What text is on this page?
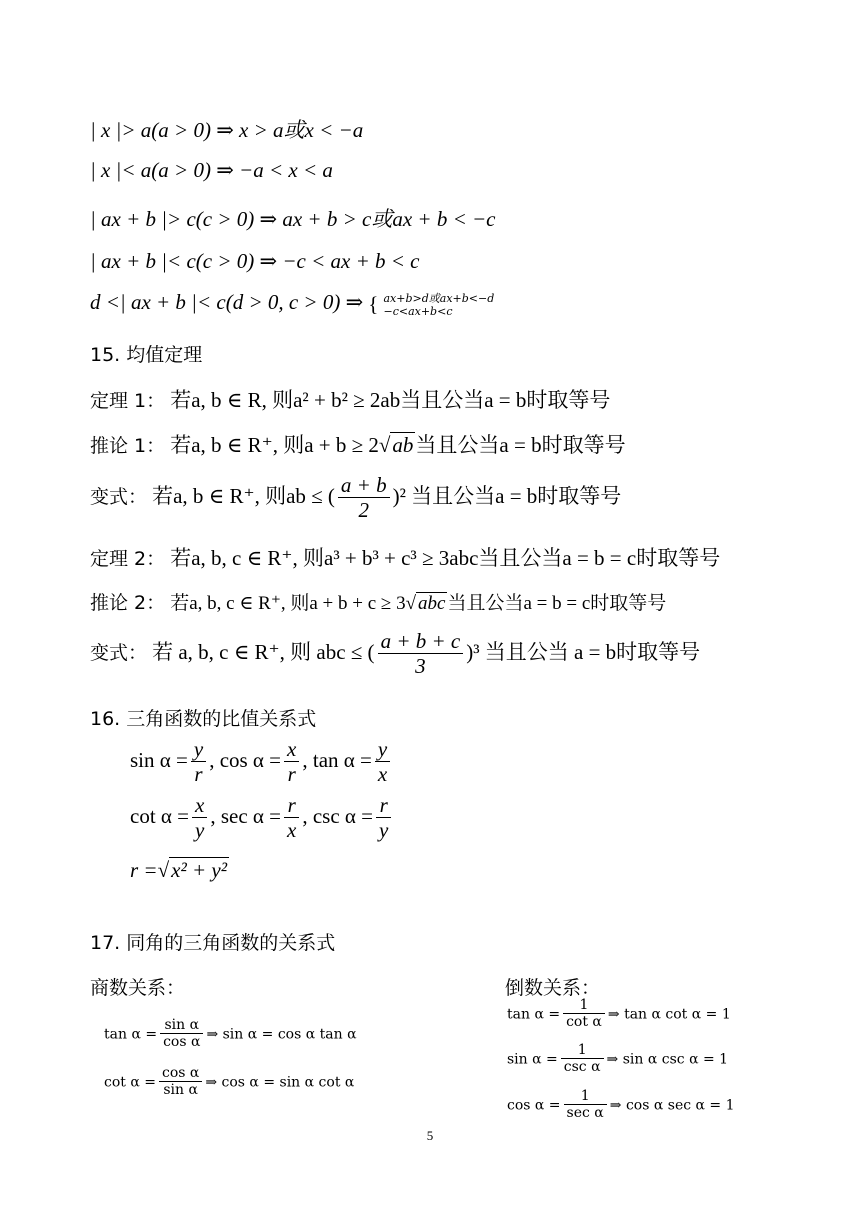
| x |> a(a > 0) ⇒ x > a或x < −a
| x |< a(a > 0) ⇒ −a < x < a
| ax + b |> c(c > 0) ⇒ ax + b > c或ax + b < −c
| ax + b |< c(c > 0) ⇒ −c < ax + b < c
d <| ax + b |< c(d > 0, c > 0) ⇒ { ax+b>d或ax+b<−d
−c<ax+b<c
15. 均值定理
定理 1： 若a, b ∈ R, 则a² + b² ≥ 2ab当且公当a = b时取等号
推论 1： 若a, b ∈ R⁺, 则a + b ≥ 2√ab当且公当a = b时取等号
变式： 若a, b ∈ R⁺, 则ab ≤ ( $\frac{a + b}{2} )^2$ 当且公当a = b时取等号
定理 2： 若a, b, c ∈ R⁺, 则a³ + b³ + c³ ≥ 3abc当且公当a = b = c时取等号
推论 2： 若a, b, c ∈ R⁺, 则a + b + c ≥ 3√ abc 当且公当a = b = c时取等号
变式： 若 a, b, c ∈ R⁺, 则 abc ≤ ( $\frac{a + b + c}{3} )^3$ 当且公当 a = b时取等号
16. 三角函数的比值关系式
$\sin \alpha = \frac{y}{r}$ , $\cos \alpha = \frac{x}{r}$ , $\tan \alpha = \frac{y}{x}$
$\cot \alpha = \frac{x}{y}$ , $\sec \alpha = \frac{r}{x}$ , $\csc \alpha = \frac{r}{y}$
r =√x² + y²
17. 同角的三角函数的关系式
商数关系：	倒数关系：
$\tan \alpha = \frac{\text{sin α}}{\text{cos α}}$ ⇒ sin α = cos α tan α
$\cot \alpha = \frac{\text{cos α}}{\text{sin α}}$ ⇒ cos α = sin α cot α
$\tan \alpha = \frac{1}{\text{cot α}}$ ⇒ tan α cot α = 1
$\sin \alpha = \frac{1}{\text{csc α}}$ ⇒ sin α csc α = 1
$\cos \alpha = \frac{1}{\text{sec α}}$ ⇒ cos α sec α = 1
5
